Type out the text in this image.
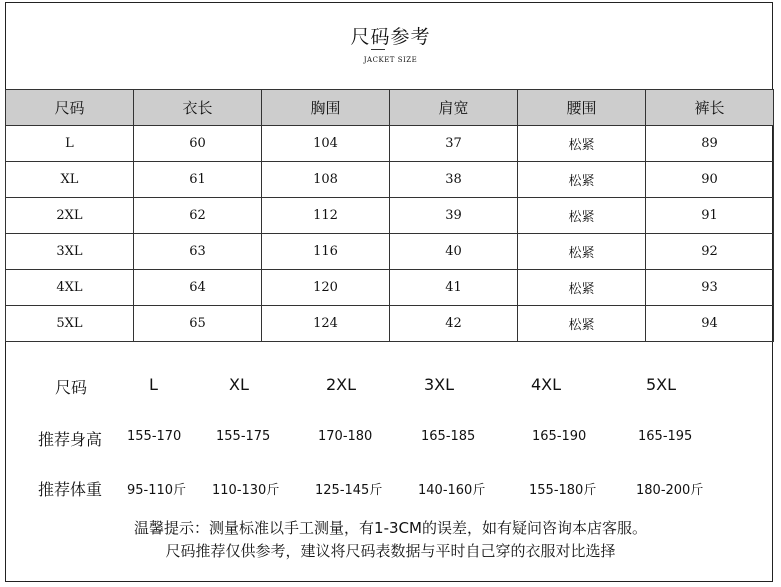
尺码参考
JACKET SIZE
尺码	衣长	胸围	肩宽	腰围	裤长
L	60	104	37	松紧	89
XL	61	108	38	松紧	90
2XL	62	112	39	松紧	91
3XL	63	116	40	松紧	92
4XL	64	120	41	松紧	93
5XL	65	124	42	松紧	94
尺码	L	XL	2XL	3XL	4XL	5XL
推荐身高 155-170	155-175	170-180	165-185	165-190	165-195
推荐体重 95-110斤 110-130斤	125-145斤	140-160斤	155-180斤	180-200斤
温馨提示：测量标准以手工测量，有1-3CM的误差，如有疑问咨询本店客服。
尺码推荐仅供参考，建议将尺码表数据与平时自己穿的衣服对比选择
